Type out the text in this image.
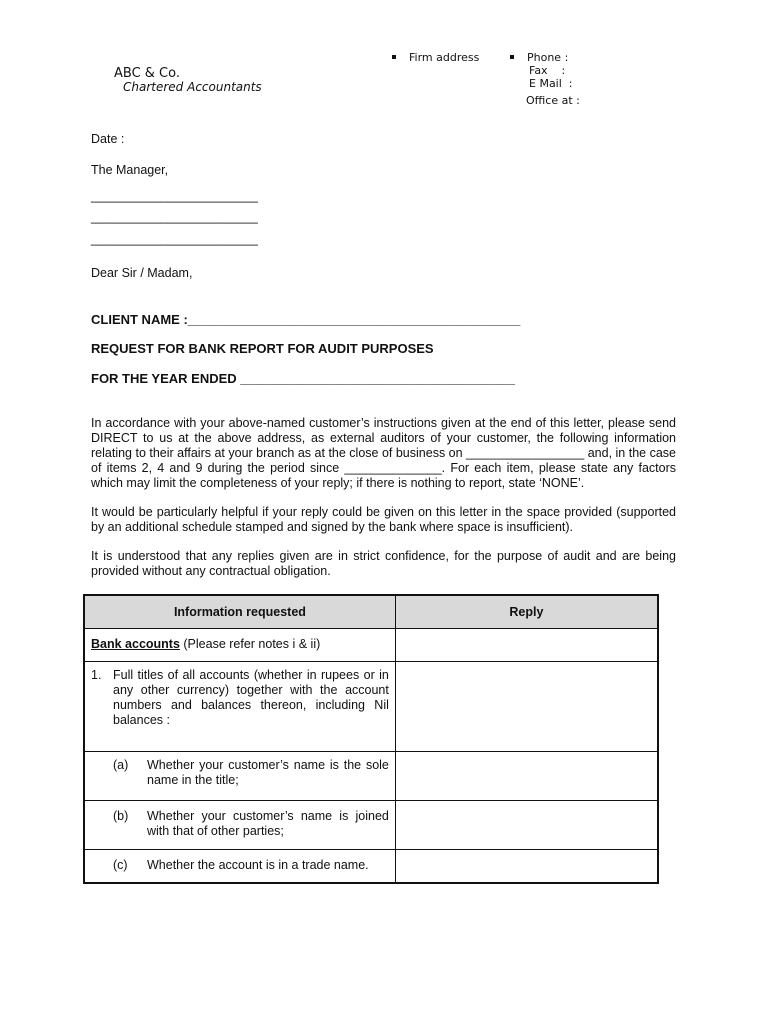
Firm address	Phone :
Fax    :
E Mail  :
Office at :
ABC & Co.
Chartered Accountants
Date :
The Manager,
________________________
________________________
________________________
Dear Sir / Madam,
CLIENT NAME :______________________________________________
REQUEST FOR BANK REPORT FOR AUDIT PURPOSES
FOR THE YEAR ENDED ______________________________________

In accordance with your above-named customer’s instructions given at the end of this letter, please send DIRECT to us at the above address, as external auditors of your customer, the following information relating to their affairs at your branch as at the close of business on _________________ and, in the case of items 2, 4 and 9 during the period since ______________. For each item, please state any factors which may limit the completeness of your reply; if there is nothing to report, state ‘NONE’.

It would be particularly helpful if your reply could be given on this letter in the space provided (supported by an additional schedule stamped and signed by the bank where space is insufficient).

It is understood that any replies given are in strict confidence, for the purpose of audit and are being provided without any contractual obligation.

Information requested	Reply
Bank accounts (Please refer notes i & ii)	

1. Full titles of all accounts (whether in rupees or in any other currency) together with the account numbers and balances thereon, including Nil balances :	

(a) Whether your customer’s name is the sole name in the title;	

(b) Whether your customer’s name is joined with that of other parties;	

(c) Whether the account is in a trade name.	
